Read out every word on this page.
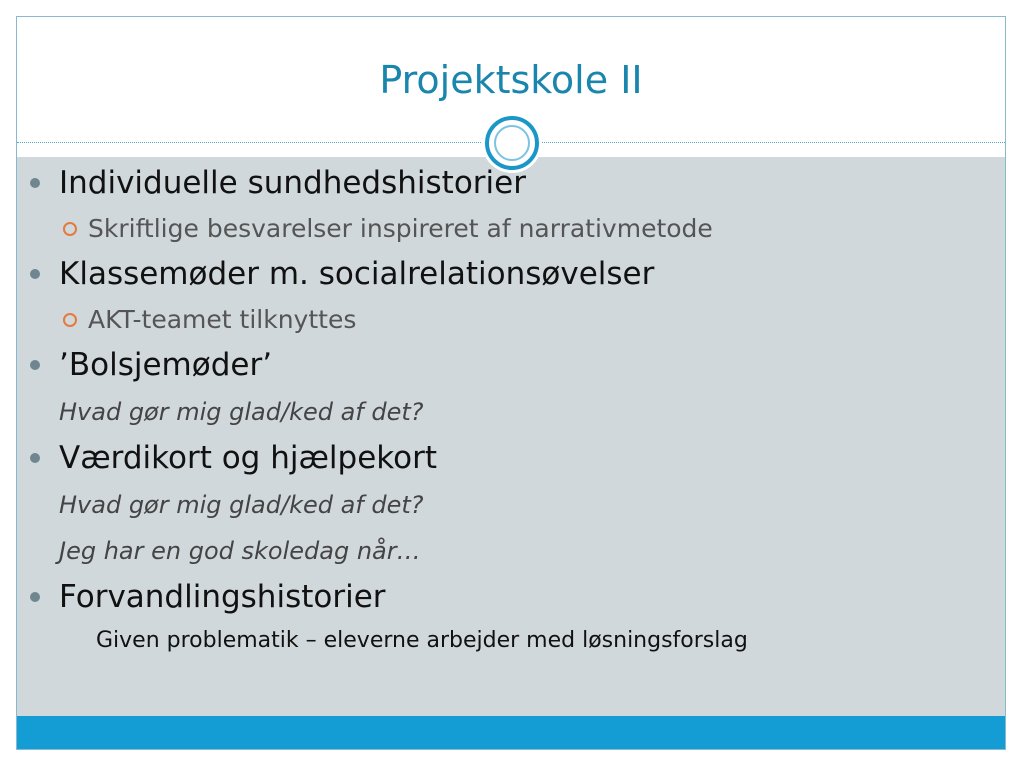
Projektskole II
Individuelle sundhedshistorier
Skriftlige besvarelser inspireret af narrativmetode
Klassemøder m. socialrelationsøvelser
AKT-teamet tilknyttes
’Bolsjemøder’
Hvad gør mig glad/ked af det?
Værdikort og hjælpekort
Hvad gør mig glad/ked af det?
Jeg har en god skoledag når…
Forvandlingshistorier
Given problematik – eleverne arbejder med løsningsforslag
